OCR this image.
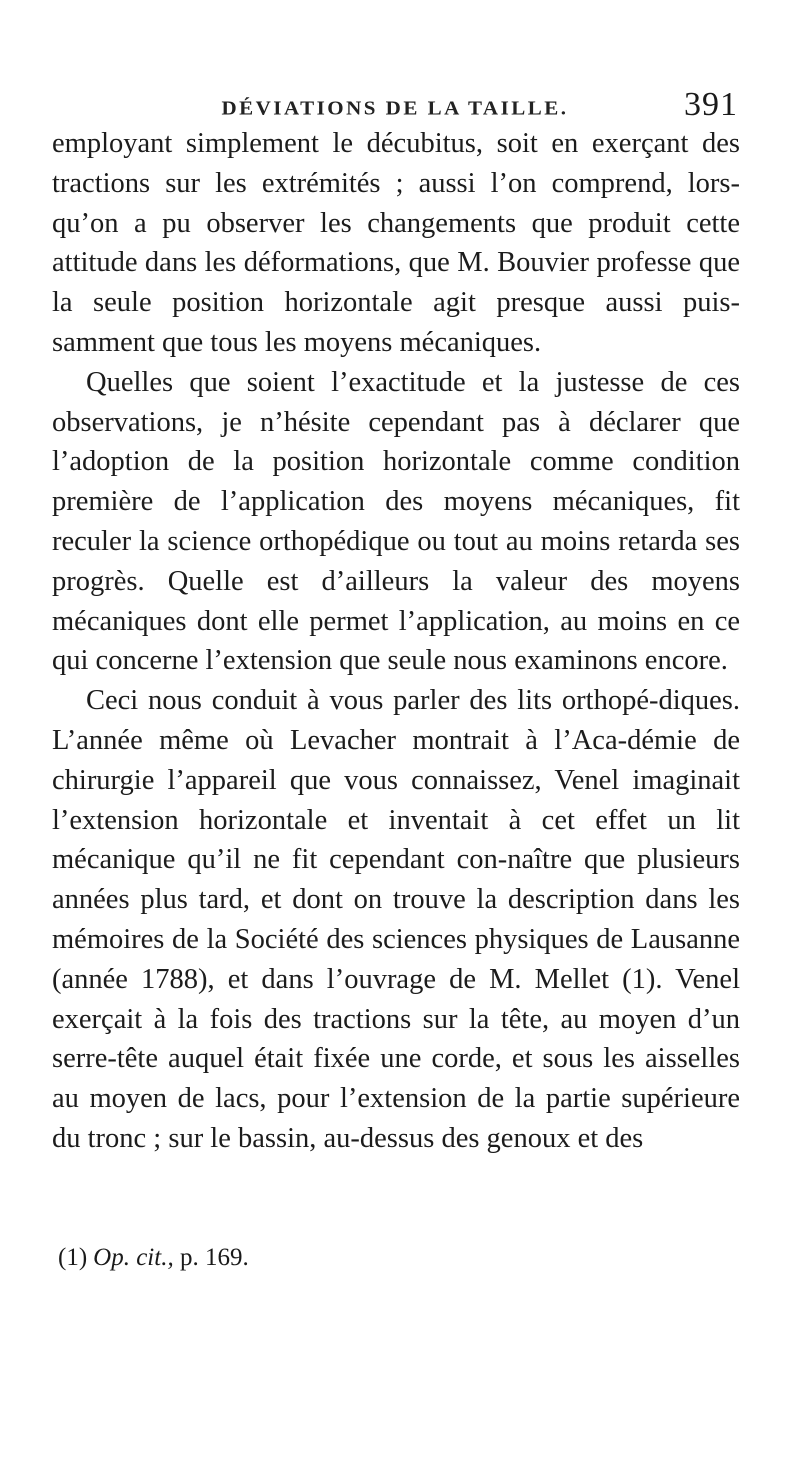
DÉVIATIONS DE LA TAILLE.	391

employant simplement le décubitus, soit en exerçant des tractions sur les extrémités ; aussi l’on comprend, lors-qu’on a pu observer les changements que produit cette attitude dans les déformations, que M. Bouvier professe que la seule position horizontale agit presque aussi puis-samment que tous les moyens mécaniques.

Quelles que soient l’exactitude et la justesse de ces observations, je n’hésite cependant pas à déclarer que l’adoption de la position horizontale comme condition première de l’application des moyens mécaniques, fit reculer la science orthopédique ou tout au moins retarda ses progrès. Quelle est d’ailleurs la valeur des moyens mécaniques dont elle permet l’application, au moins en ce qui concerne l’extension que seule nous examinons encore.

Ceci nous conduit à vous parler des lits orthopé-diques. L’année même où Levacher montrait à l’Aca-démie de chirurgie l’appareil que vous connaissez, Venel imaginait l’extension horizontale et inventait à cet effet un lit mécanique qu’il ne fit cependant con-naître que plusieurs années plus tard, et dont on trouve la description dans les mémoires de la Société des sciences physiques de Lausanne (année 1788), et dans l’ouvrage de M. Mellet (1). Venel exerçait à la fois des tractions sur la tête, au moyen d’un serre-tête auquel était fixée une corde, et sous les aisselles au moyen de lacs, pour l’extension de la partie supérieure du tronc ; sur le bassin, au-dessus des genoux et des

(1) Op. cit., p. 169.
